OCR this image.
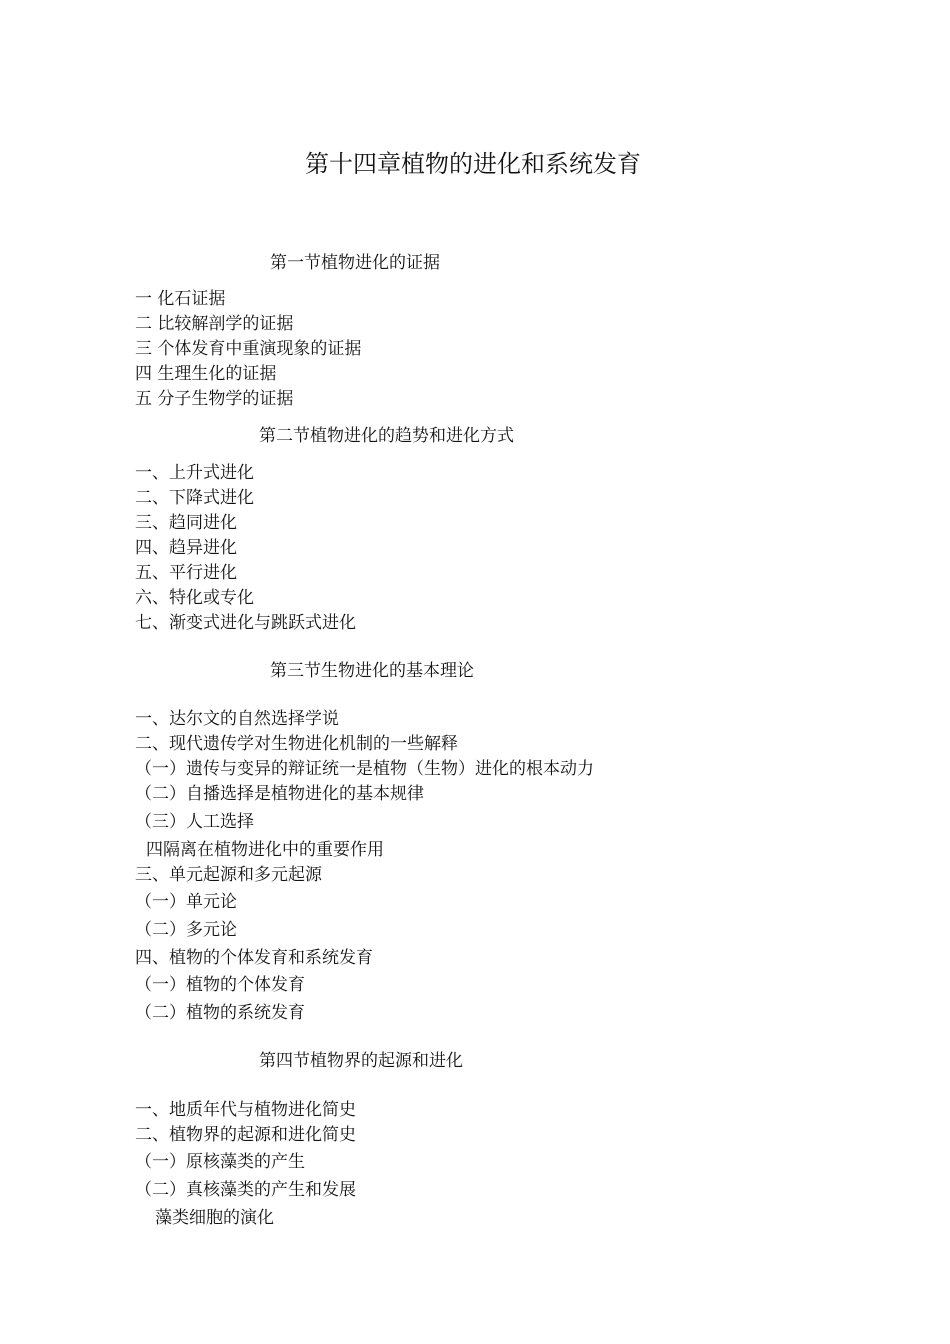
第十四章植物的进化和系统发育
第一节植物进化的证据
一 化石证据
二 比较解剖学的证据
三 个体发育中重演现象的证据
四 生理生化的证据
五 分子生物学的证据
第二节植物进化的趋势和进化方式
一、上升式进化
二、下降式进化
三、趋同进化
四、趋异进化
五、平行进化
六、特化或专化
七、渐变式进化与跳跃式进化
第三节生物进化的基本理论
一、达尔文的自然选择学说
二、现代遗传学对生物进化机制的一些解释
（一）遗传与变异的辩证统一是植物（生物）进化的根本动力
（二）自播选择是植物进化的基本规律
（三）人工选择
四隔离在植物进化中的重要作用
三、单元起源和多元起源
（一）单元论
（二）多元论
四、植物的个体发育和系统发育
（一）植物的个体发育
（二）植物的系统发育
第四节植物界的起源和进化
一、地质年代与植物进化简史
二、植物界的起源和进化简史
（一）原核藻类的产生
（二）真核藻类的产生和发展
藻类细胞的演化
